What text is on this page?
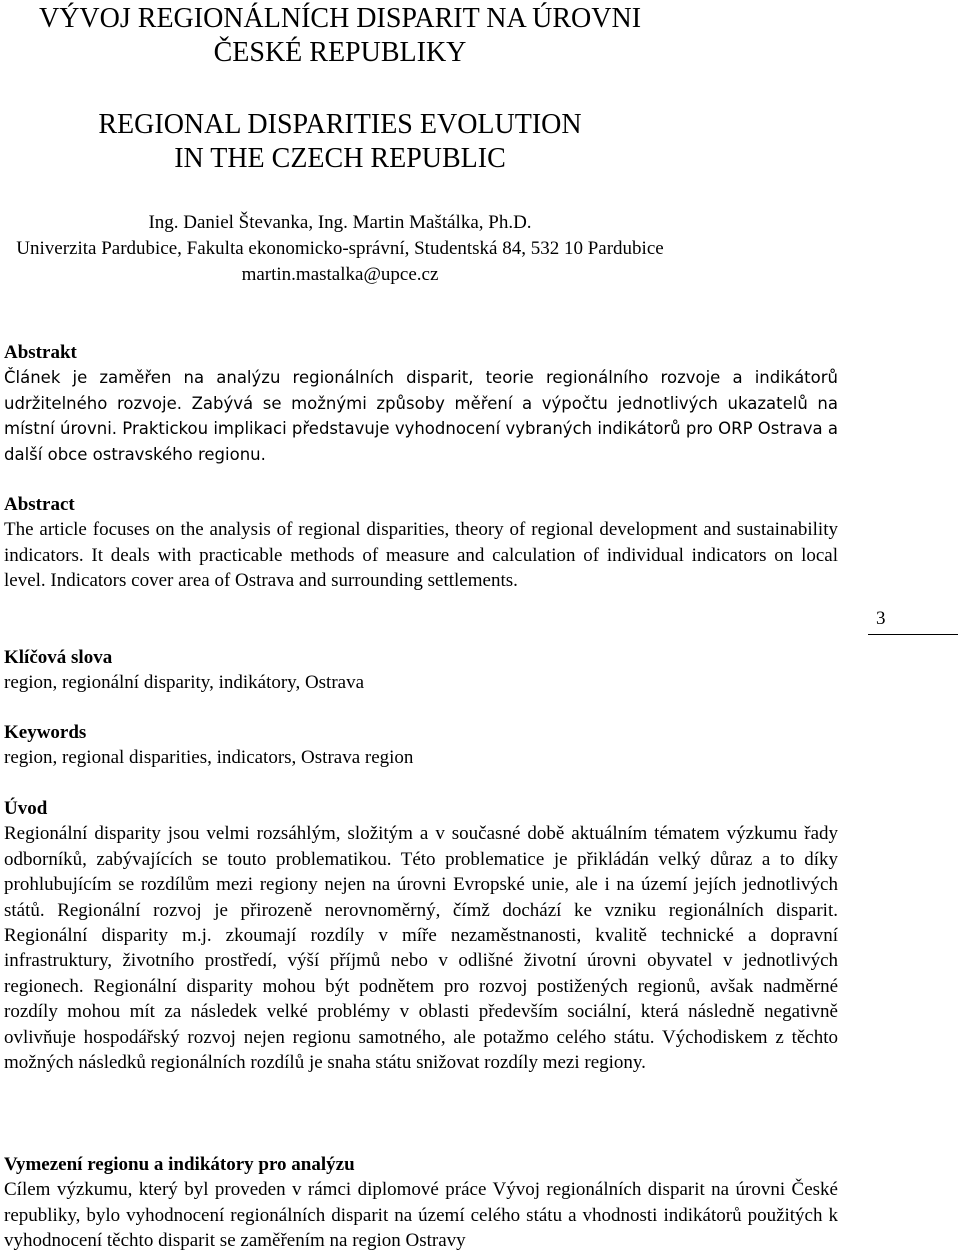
VÝVOJ REGIONÁLNÍCH DISPARIT NA ÚROVNI
ČESKÉ REPUBLIKY
REGIONAL DISPARITIES EVOLUTION
IN THE CZECH REPUBLIC
Ing. Daniel Števanka, Ing. Martin Maštálka, Ph.D.
Univerzita Pardubice, Fakulta ekonomicko-správní, Studentská 84, 532 10 Pardubice
martin.mastalka@upce.cz
Abstrakt

Článek je zaměřen na analýzu regionálních disparit, teorie regionálního rozvoje a indikátorů udržitelného rozvoje. Zabývá se možnými způsoby měření a výpočtu jednotlivých ukazatelů na místní úrovni. Praktickou implikaci představuje vyhodnocení vybraných indikátorů pro ORP Ostrava a další obce ostravského regionu.

Abstract

The article focuses on the analysis of regional disparities, theory of regional development and sustainability indicators. It deals with practicable methods of measure and calculation of individual indicators on local level. Indicators cover area of Ostrava and surrounding settlements.

Klíčová slova

region, regionální disparity, indikátory, Ostrava

Keywords

region, regional disparities, indicators, Ostrava region

Úvod

Regionální disparity jsou velmi rozsáhlým, složitým a v současné době aktuálním tématem výzkumu řady odborníků, zabývajících se touto problematikou. Této problematice je přikládán velký důraz a to díky prohlubujícím se rozdílům mezi regiony nejen na úrovni Evropské unie, ale i na území jejích jednotlivých států. Regionální rozvoj je přirozeně nerovnoměrný, čímž dochází ke vzniku regionálních disparit. Regionální disparity m.j. zkoumají rozdíly v míře nezaměstnanosti, kvalitě technické a dopravní infrastruktury, životního prostředí, výší příjmů nebo v odlišné životní úrovni obyvatel v jednotlivých regionech. Regionální disparity mohou být podnětem pro rozvoj postižených regionů, avšak nadměrné rozdíly mohou mít za následek velké problémy v oblasti především sociální, která následně negativně ovlivňuje hospodářský rozvoj nejen regionu samotného, ale potažmo celého státu. Východiskem z těchto možných následků regionálních rozdílů je snaha státu snižovat rozdíly mezi regiony.

Vymezení regionu a indikátory pro analýzu

Cílem výzkumu, který byl proveden v rámci diplomové práce Vývoj regionálních disparit na úrovni České republiky, bylo vyhodnocení regionálních disparit na území celého státu a vhodnosti indikátorů použitých k vyhodnocení těchto disparit se zaměřením na region Ostravy

3
